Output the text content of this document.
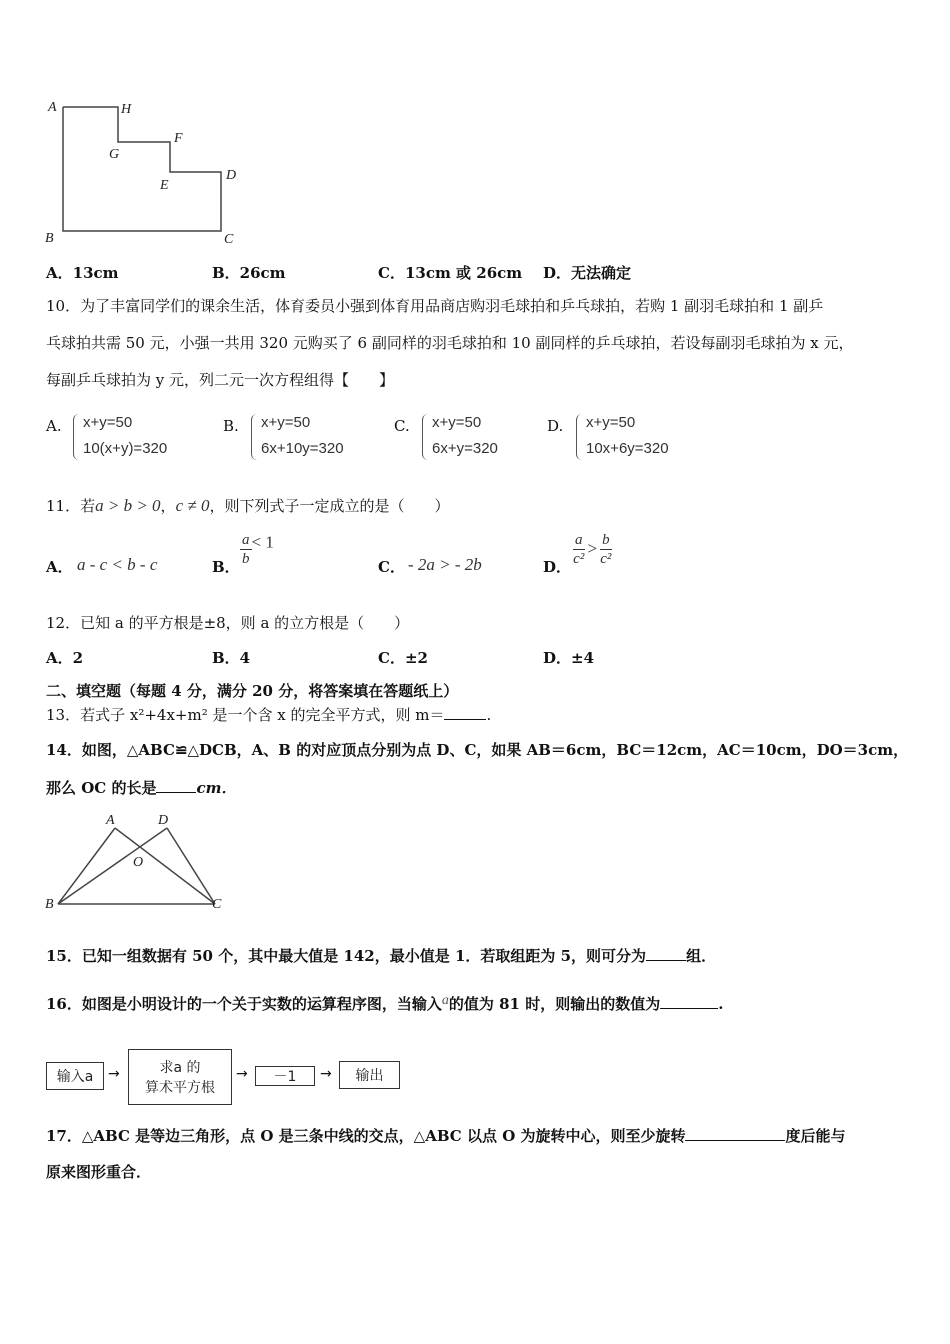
A	H
G
F
E
D
B	C
A．13cm	B．26cm	C．13cm 或 26cm D．无法确定
10．为了丰富同学们的课余生活，体育委员小强到体育用品商店购羽毛球拍和乒乓球拍，若购 1 副羽毛球拍和 1 副乒
乓球拍共需 50 元，小强一共用 320 元购买了 6 副同样的羽毛球拍和 10 副同样的乒乓球拍，若设每副羽毛球拍为 x 元，
每副乒乓球拍为 y 元，列二元一次方程组得【　　】
A. x+y=50
10(x+y)=320
B. x+y=50
6x+10y=320
C. x+y=50
6x+y=320
D. x+y=50
10x+6y=320
11．若a > b > 0，c ≠ 0，则下列式子一定成立的是（　　）
A． a - c < b - c	B． $\frac{a}{b} < 1$
C． - 2a > - 2b	D． $\frac{a}{\text{c²}} > \frac{b}{\text{c²}}$
12．已知 a 的平方根是±8，则 a 的立方根是（　　）
A．2	B．4	C．±2	D．±4
二、填空题（每题 4 分，满分 20 分，将答案填在答题纸上）
13．若式子 x²+4x+m² 是一个含 x 的完全平方式，则 m＝	.
14．如图，△ABC≌△DCB，A、B 的对应顶点分别为点 D、C，如果 AB＝6cm，BC＝12cm，AC＝10cm，DO＝3cm，
那么 OC 的长是	cm．
A	D
O
B	C
15．已知一组数据有 50 个，其中最大值是 142，最小值是 1．若取组距为 5，则可分为	组．
16．如图是小明设计的一个关于实数的运算程序图，当输入a的值为 81 时，则输出的数值为	.
输入a →	求a 的
算术平方根
→ －1 → 输出
17．△ABC 是等边三角形，点 O 是三条中线的交点，△ABC 以点 O 为旋转中心，则至少旋转	度后能与
原来图形重合．
